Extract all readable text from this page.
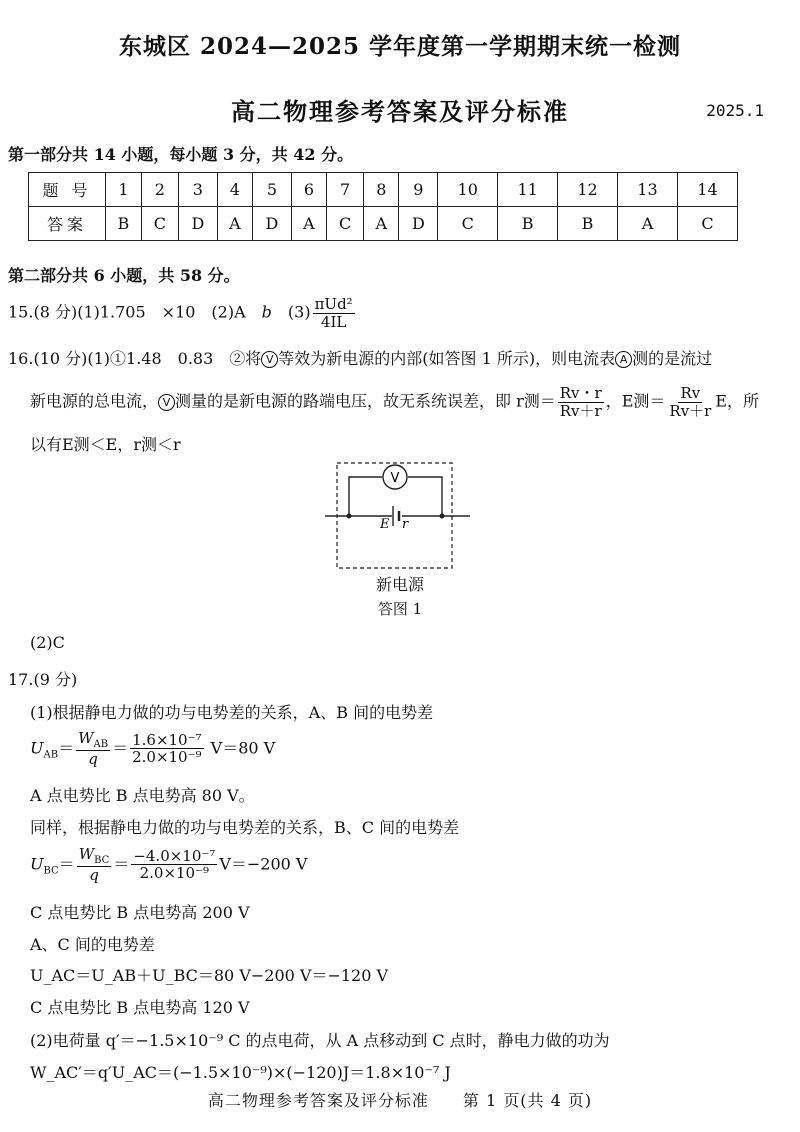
东城区 2024—2025 学年度第一学期期末统一检测
高二物理参考答案及评分标准	2025.1
第一部分共 14 小题，每小题 3 分，共 42 分。
题 号	1	2	3	4	5	6	7	8	9	10	11	12	13	14
答案	B	C	D	A	D	A	C	A	D	C	B	B	A	C
第二部分共 6 小题，共 58 分。
15.(8 分)(1)1.705　×10　(2)A　b　$(3) \frac{\text{πUd²}}{4IL}$
16.(10 分)(1)①1.48　0.83　②将 V 等效为新电源的内部(如答图 1 所示)，则电流表 A 测的是流过
新电源的总电流， V 测量的是新电源的路端电压，故无系统误差，即 r测＝ $\frac{Rv・r}{Rv+r}$ ，E测＝ $\frac{Rv}{Rv+r}$ E，所
以有E测＜E，r测＜r
V
E r
新电源
答图 1
(2)C
17.(9 分)
(1)根据静电力做的功与电势差的关系，A、B 间的电势差
$U_{AB}= \frac{W_{AB}}{q} = \frac{\text{1.6×10⁻⁷}}{\text{2.0×10⁻⁹}} V=80$ V
A 点电势比 B 点电势高 80 V。
同样，根据静电力做的功与电势差的关系，B、C 间的电势差
$U_{BC}= \frac{W_{BC}}{q} = \frac{\text{−4.0×10⁻⁷}}{\text{2.0×10⁻⁹}} V=-200$ V
C 点电势比 B 点电势高 200 V
A、C 间的电势差
U_AC＝U_AB＋U_BC＝80 V−200 V＝−120 V
C 点电势比 B 点电势高 120 V
(2)电荷量 q′＝−1.5×10⁻⁹ C 的点电荷，从 A 点移动到 C 点时，静电力做的功为
W_AC′＝q′U_AC＝(−1.5×10⁻⁹)×(−120)J＝1.8×10⁻⁷ J
高二物理参考答案及评分标准　　第 1 页(共 4 页)
